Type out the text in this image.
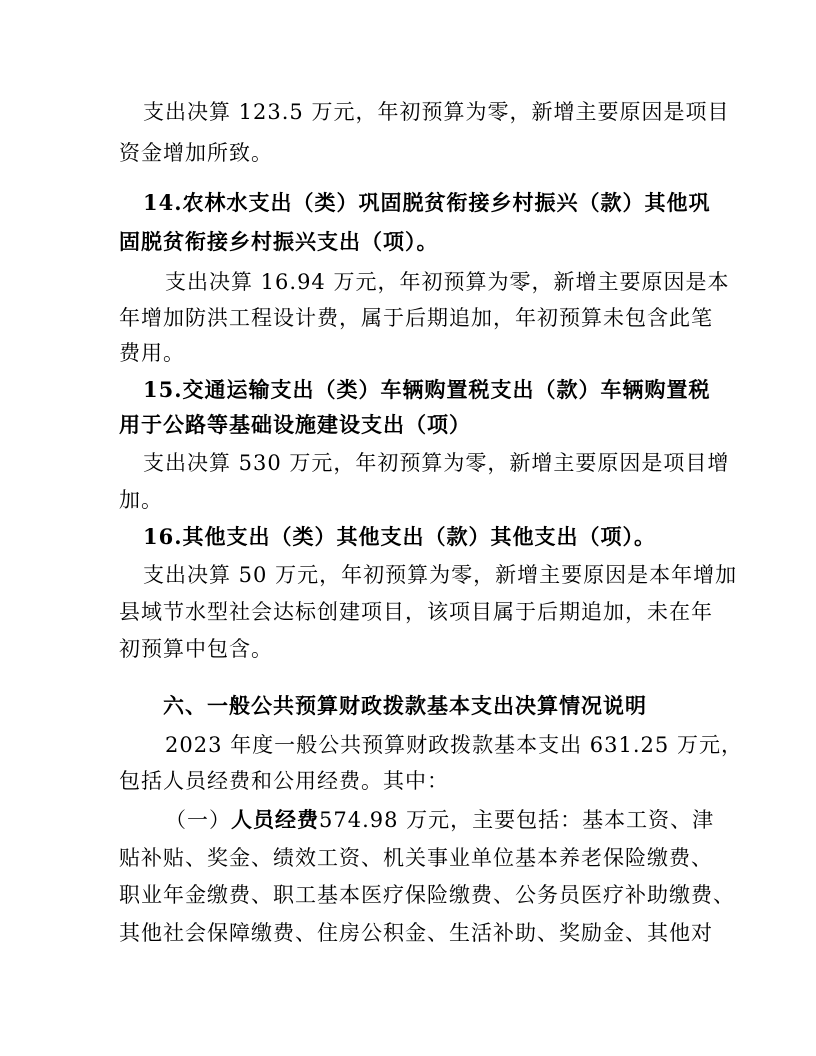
支出决算 123.5 万元，年初预算为零，新增主要原因是项目
资金增加所致。
14.农林水支出（类）巩固脱贫衔接乡村振兴（款）其他巩
固脱贫衔接乡村振兴支出（项）。
支出决算 16.94 万元，年初预算为零，新增主要原因是本
年增加防洪工程设计费，属于后期追加，年初预算未包含此笔
费用。
15.交通运输支出（类）车辆购置税支出（款）车辆购置税
用于公路等基础设施建设支出（项）
支出决算 530 万元，年初预算为零，新增主要原因是项目增
加。
16.其他支出（类）其他支出（款）其他支出（项）。
支出决算 50 万元，年初预算为零，新增主要原因是本年增加
县域节水型社会达标创建项目，该项目属于后期追加，未在年
初预算中包含。
六、一般公共预算财政拨款基本支出决算情况说明
2023 年度一般公共预算财政拨款基本支出 631.25 万元，
包括人员经费和公用经费。其中：
（一）人员经费574.98 万元，主要包括：基本工资、津
贴补贴、奖金、绩效工资、机关事业单位基本养老保险缴费、
职业年金缴费、职工基本医疗保险缴费、公务员医疗补助缴费、
其他社会保障缴费、住房公积金、生活补助、奖励金、其他对
